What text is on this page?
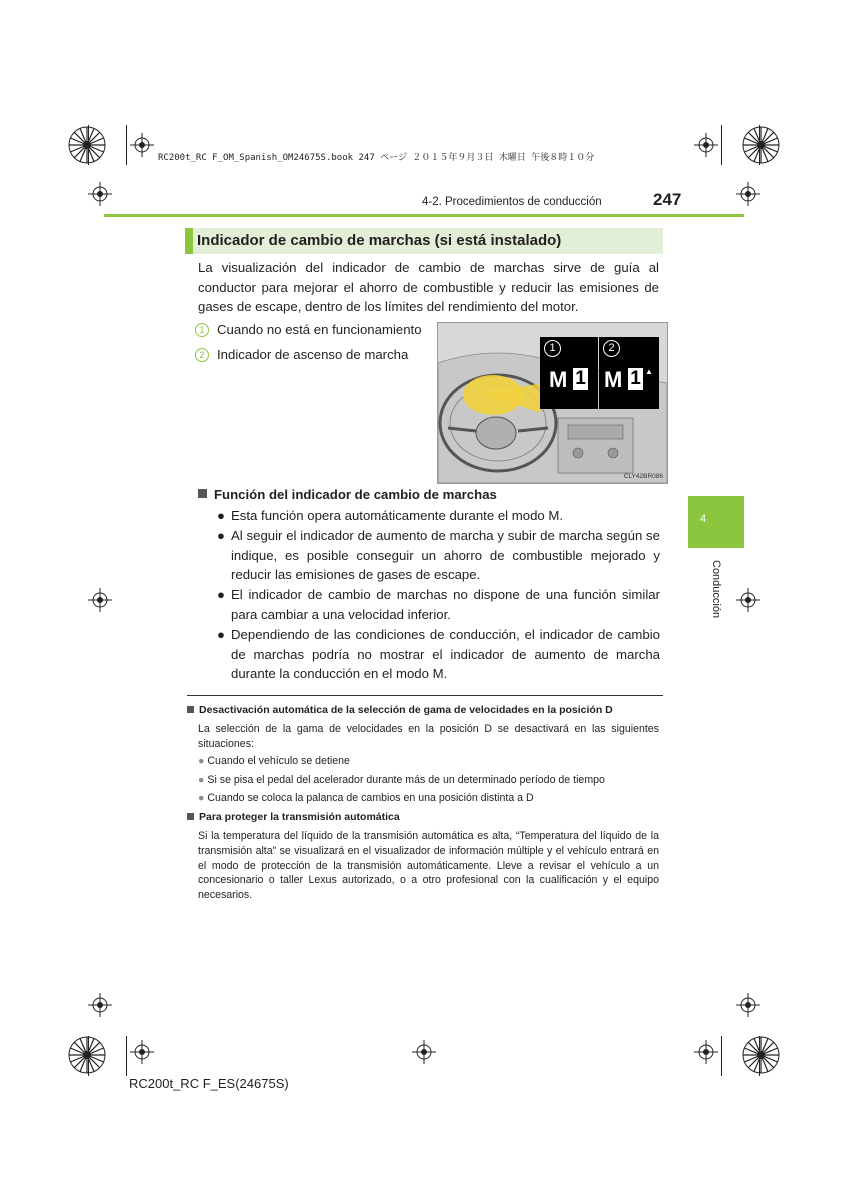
RC200t_RC F_OM_Spanish_OM24675S.book 247 ページ ２０１５年９月３日 木曜日 午後８時１０分
4-2. Procedimientos de conducción	247
Indicador de cambio de marchas (si está instalado)
La visualización del indicador de cambio de marchas sirve de guía al conductor para mejorar el ahorro de combustible y reducir las emisiones de gases de escape, dentro de los límites del rendimiento del motor.
1 Cuando no está en funcionamiento
2 Indicador de ascenso de marcha	1
M 1
2
M 1 ▲
CLY42BR086
Función del indicador de cambio de marchas
● Esta función opera automáticamente durante el modo M.
● Al seguir el indicador de aumento de marcha y subir de marcha según se indique, es posible conseguir un ahorro de combustible mejorado y reducir las emisiones de gases de escape.
● El indicador de cambio de marchas no dispone de una función similar para cambiar a una velocidad inferior.
● Dependiendo de las condiciones de conducción, el indicador de cambio de marchas podría no mostrar el indicador de aumento de marcha durante la conducción en el modo M.
Desactivación automática de la selección de gama de velocidades en la posición D
La selección de la gama de velocidades en la posición D se desactivará en las siguientes situaciones:
● Cuando el vehículo se detiene
● Si se pisa el pedal del acelerador durante más de un determinado período de tiempo
● Cuando se coloca la palanca de cambios en una posición distinta a D
Para proteger la transmisión automática
Si la temperatura del líquido de la transmisión automática es alta, “Temperatura del líquido de la transmisión alta” se visualizará en el visualizador de información múltiple y el vehículo entrará en el modo de protección de la transmisión automáticamente. Lleve a revisar el vehículo a un concesionario o taller Lexus autorizado, o a otro profesional con la cualificación y el equipo necesarios.
4
Conducción
RC200t_RC F_ES(24675S)
